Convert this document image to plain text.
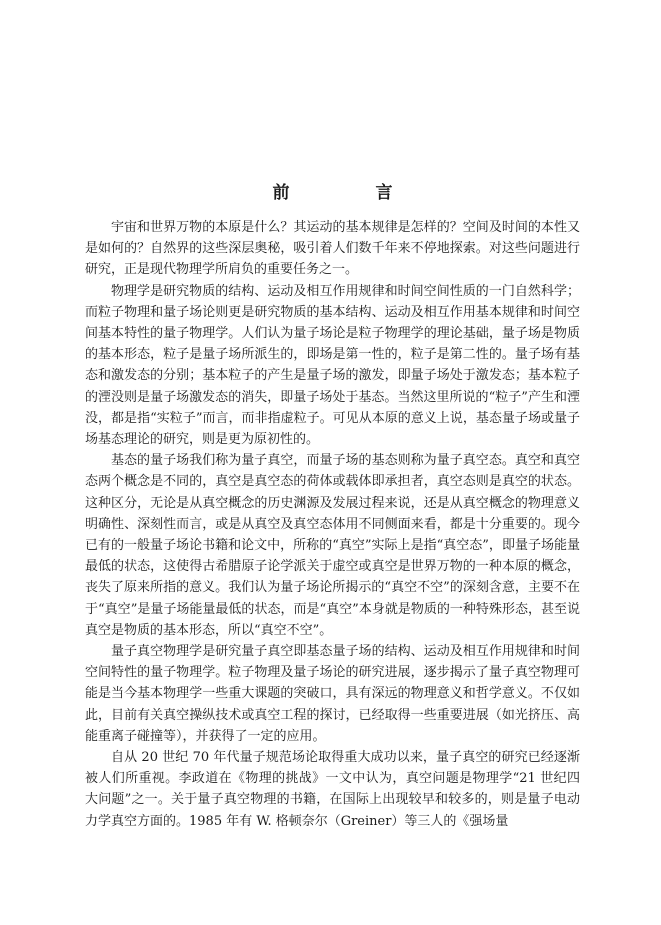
前 言

宇宙和世界万物的本原是什么？其运动的基本规律是怎样的？空间及时间的本性又是如何的？自然界的这些深层奥秘，吸引着人们数千年来不停地探索。对这些问题进行研究，正是现代物理学所肩负的重要任务之一。

物理学是研究物质的结构、运动及相互作用规律和时间空间性质的一门自然科学；而粒子物理和量子场论则更是研究物质的基本结构、运动及相互作用基本规律和时间空间基本特性的量子物理学。人们认为量子场论是粒子物理学的理论基础，量子场是物质的基本形态，粒子是量子场所派生的，即场是第一性的，粒子是第二性的。量子场有基态和激发态的分别；基本粒子的产生是量子场的激发，即量子场处于激发态；基本粒子的湮没则是量子场激发态的消失，即量子场处于基态。当然这里所说的“粒子”产生和湮没，都是指“实粒子”而言，而非指虚粒子。可见从本原的意义上说，基态量子场或量子场基态理论的研究，则是更为原初性的。

基态的量子场我们称为量子真空，而量子场的基态则称为量子真空态。真空和真空态两个概念是不同的，真空是真空态的荷体或载体即承担者，真空态则是真空的状态。这种区分，无论是从真空概念的历史渊源及发展过程来说，还是从真空概念的物理意义明确性、深刻性而言，或是从真空及真空态体用不同侧面来看，都是十分重要的。现今已有的一般量子场论书籍和论文中，所称的“真空”实际上是指“真空态”，即量子场能量最低的状态，这使得古希腊原子论学派关于虚空或真空是世界万物的一种本原的概念，丧失了原来所指的意义。我们认为量子场论所揭示的“真空不空”的深刻含意，主要不在于“真空”是量子场能量最低的状态，而是“真空”本身就是物质的一种特殊形态，甚至说真空是物质的基本形态，所以“真空不空”。

量子真空物理学是研究量子真空即基态量子场的结构、运动及相互作用规律和时间空间特性的量子物理学。粒子物理及量子场论的研究进展，逐步揭示了量子真空物理可能是当今基本物理学一些重大课题的突破口，具有深远的物理意义和哲学意义。不仅如此，目前有关真空操纵技术或真空工程的探讨，已经取得一些重要进展（如光挤压、高能重离子碰撞等），并获得了一定的应用。

自从 20 世纪 70 年代量子规范场论取得重大成功以来，量子真空的研究已经逐渐被人们所重视。李政道在《物理的挑战》一文中认为，真空问题是物理学“21 世纪四大问题”之一。关于量子真空物理的书籍，在国际上出现较早和较多的，则是量子电动力学真空方面的。1985 年有 W. 格顿奈尔（Greiner）等三人的《强场量
